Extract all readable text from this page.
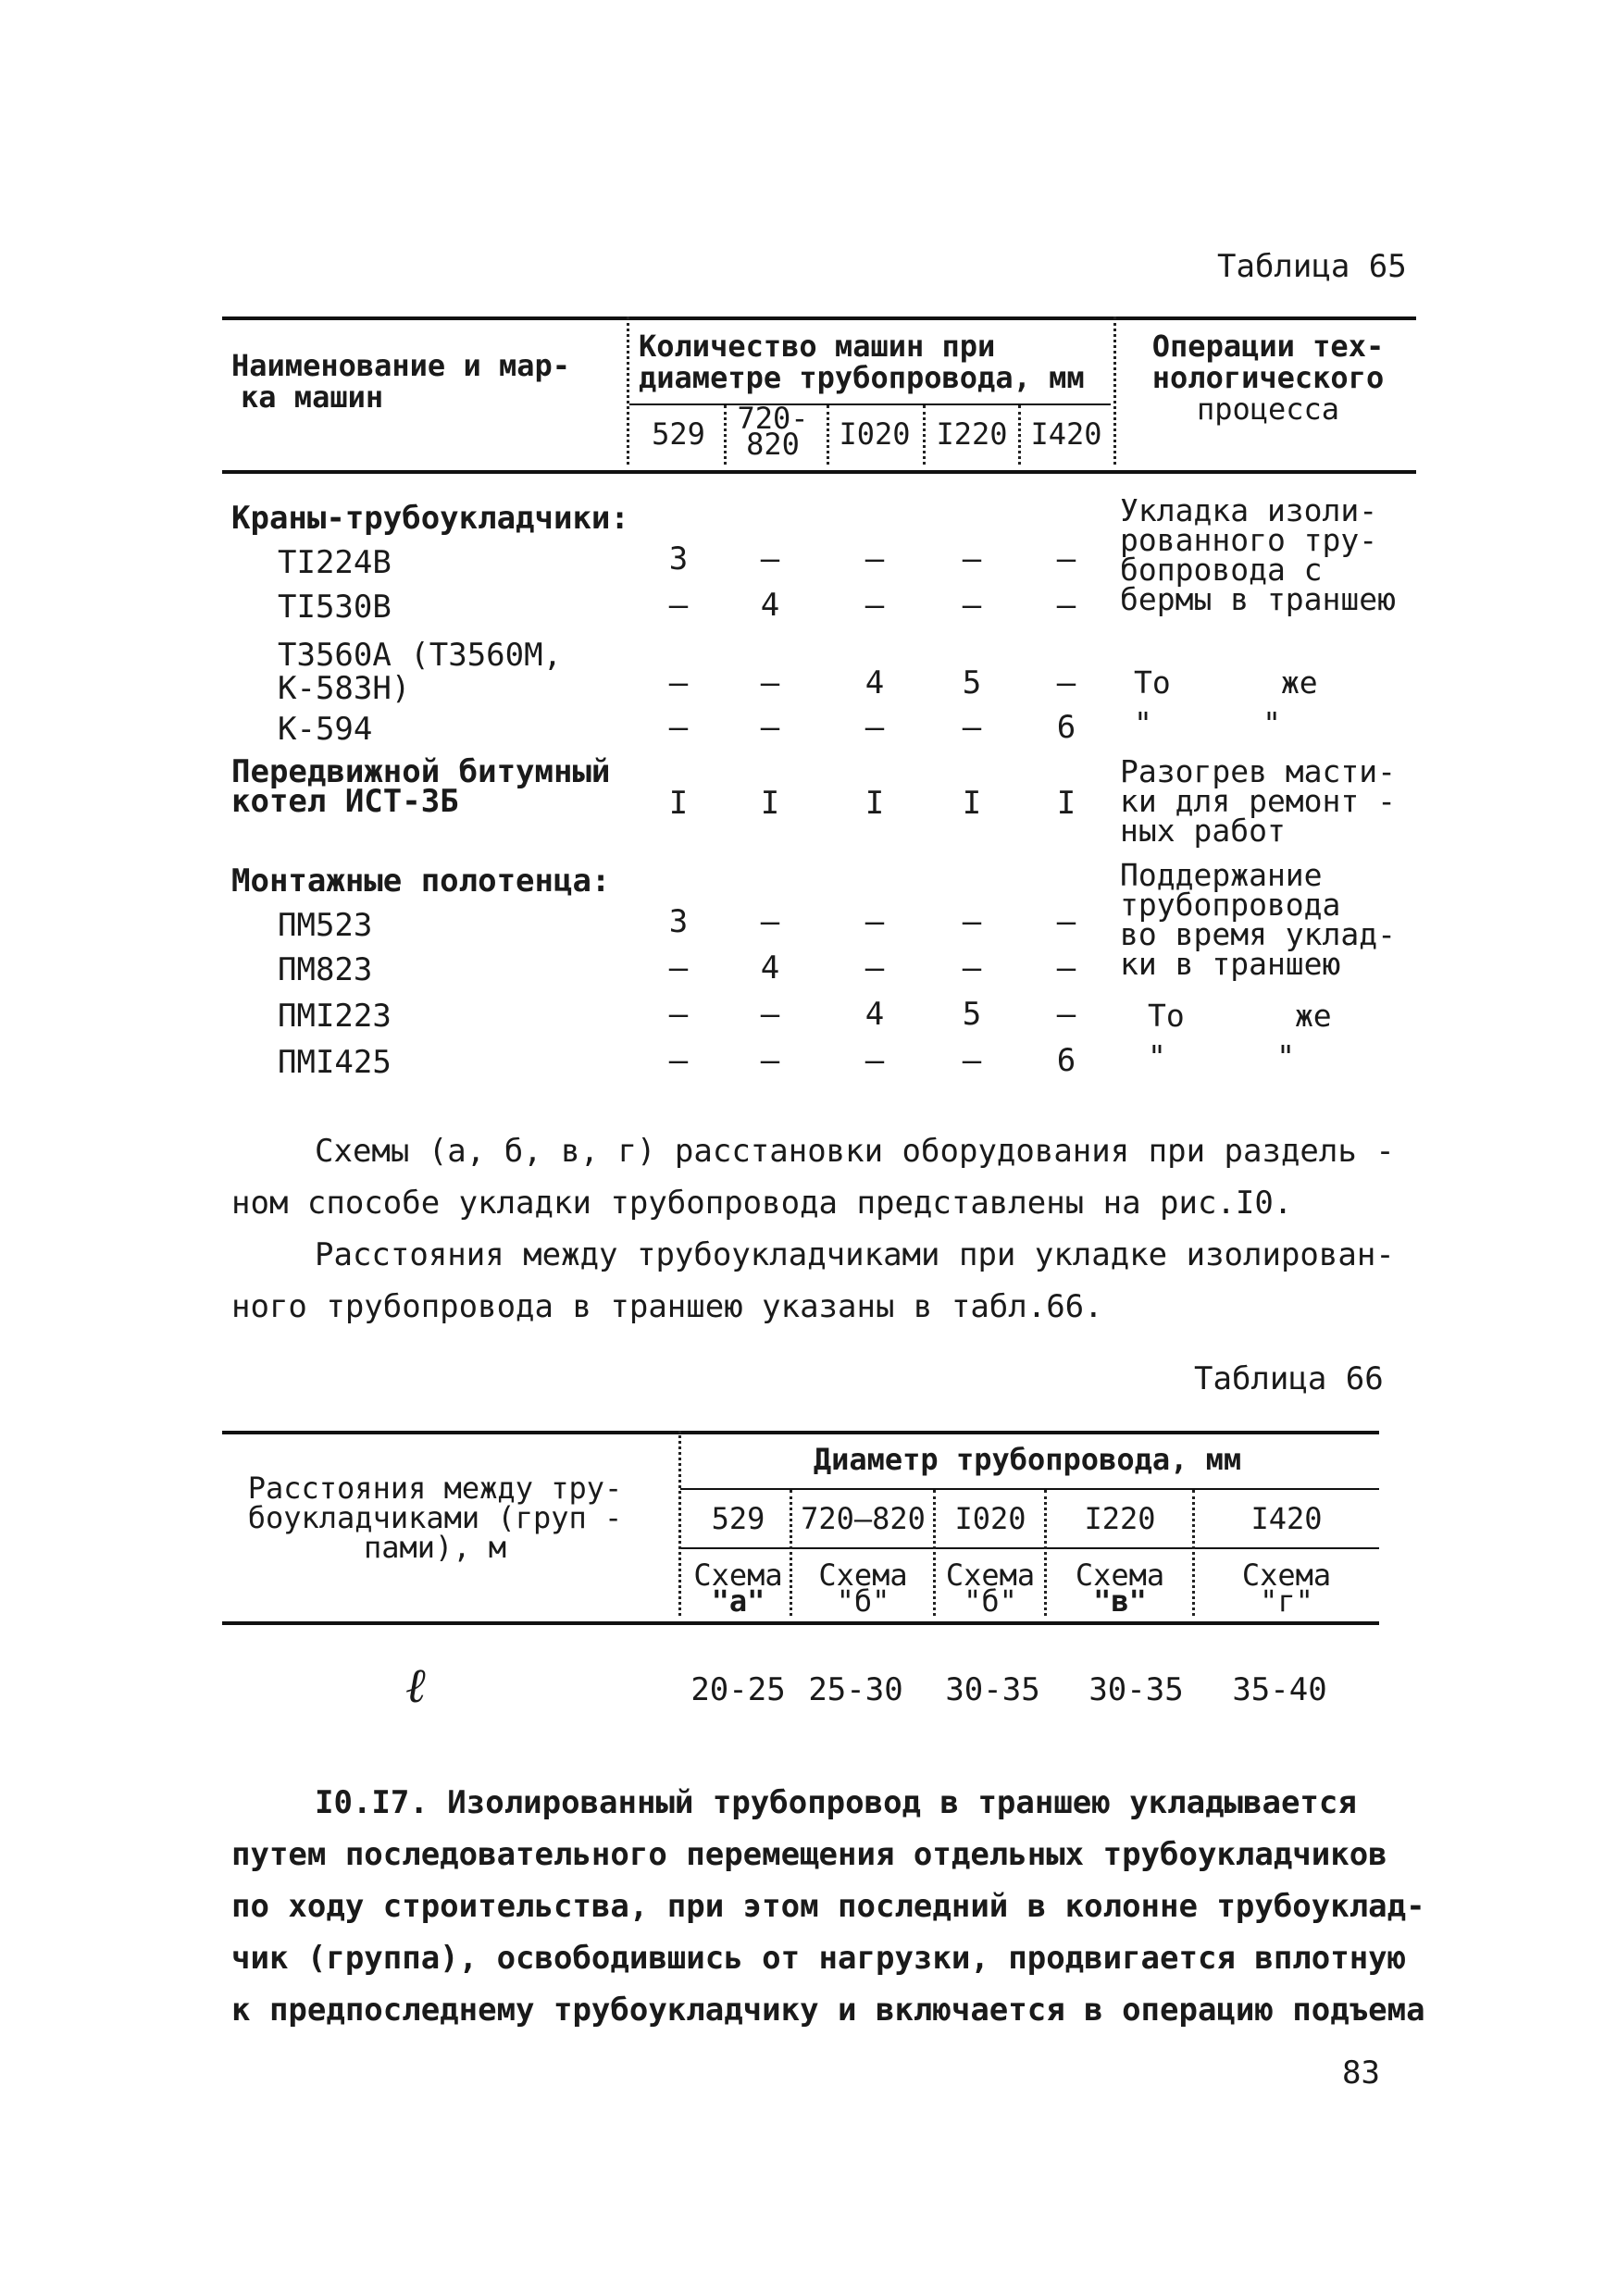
Таблица 65
Наименование и мар-
ка машин
Количество машин при
диаметре трубопровода, мм
Операции тех-
нологического
процесса
529	720-
820	I020 I220 I420
Краны-трубоукладчики:
TI224B
TI530B
T3560A (T3560M,
K-583H)
K-594
3	–	–	–	–
–	4	–	–	–
–	–	4	5	–
–	–	–	–	6
Укладка изоли-
рованного тру-
бопровода с
бермы в траншею
То      же
"      "
Передвижной битумный
котел ИСТ-3Б	I	I	I	I	I
Разогрев масти-
ки для ремонт -
ных работ
Монтажные полотенца:
ПМ523
ПМ823
ПМI223
ПМI425
3	–	–	–	–
–	4	–	–	–
–	–	4	5	–
–	–	–	–	6
Поддержание
трубопровода
во время уклад-
ки в траншею
То      же
"      "
Схемы (а, б, в, г) расстановки оборудования при раздель -
ном способе укладки трубопровода представлены на рис.I0.
Расстояния между трубоукладчиками при укладке изолирован-
ного трубопровода в траншею указаны в табл.66.
Таблица 66
Расстояния между тру-
боукладчиками (груп -
пами), м
Диаметр трубопровода, мм
529	720–820 I020	I220	I420
Схема
"а"
Схема
"б"
Схема
"б"
Схема
"в"
Схема
"г"
ℓ	20-25 25-30	30-35	30-35	35-40
I0.I7. Изолированный трубопровод в траншею укладывается
путем последовательного перемещения отдельных трубоукладчиков
по ходу строительства, при этом последний в колонне трубоуклад-
чик (группа), освободившись от нагрузки, продвигается вплотную
к предпоследнему трубоукладчику и включается в операцию подъема
83
